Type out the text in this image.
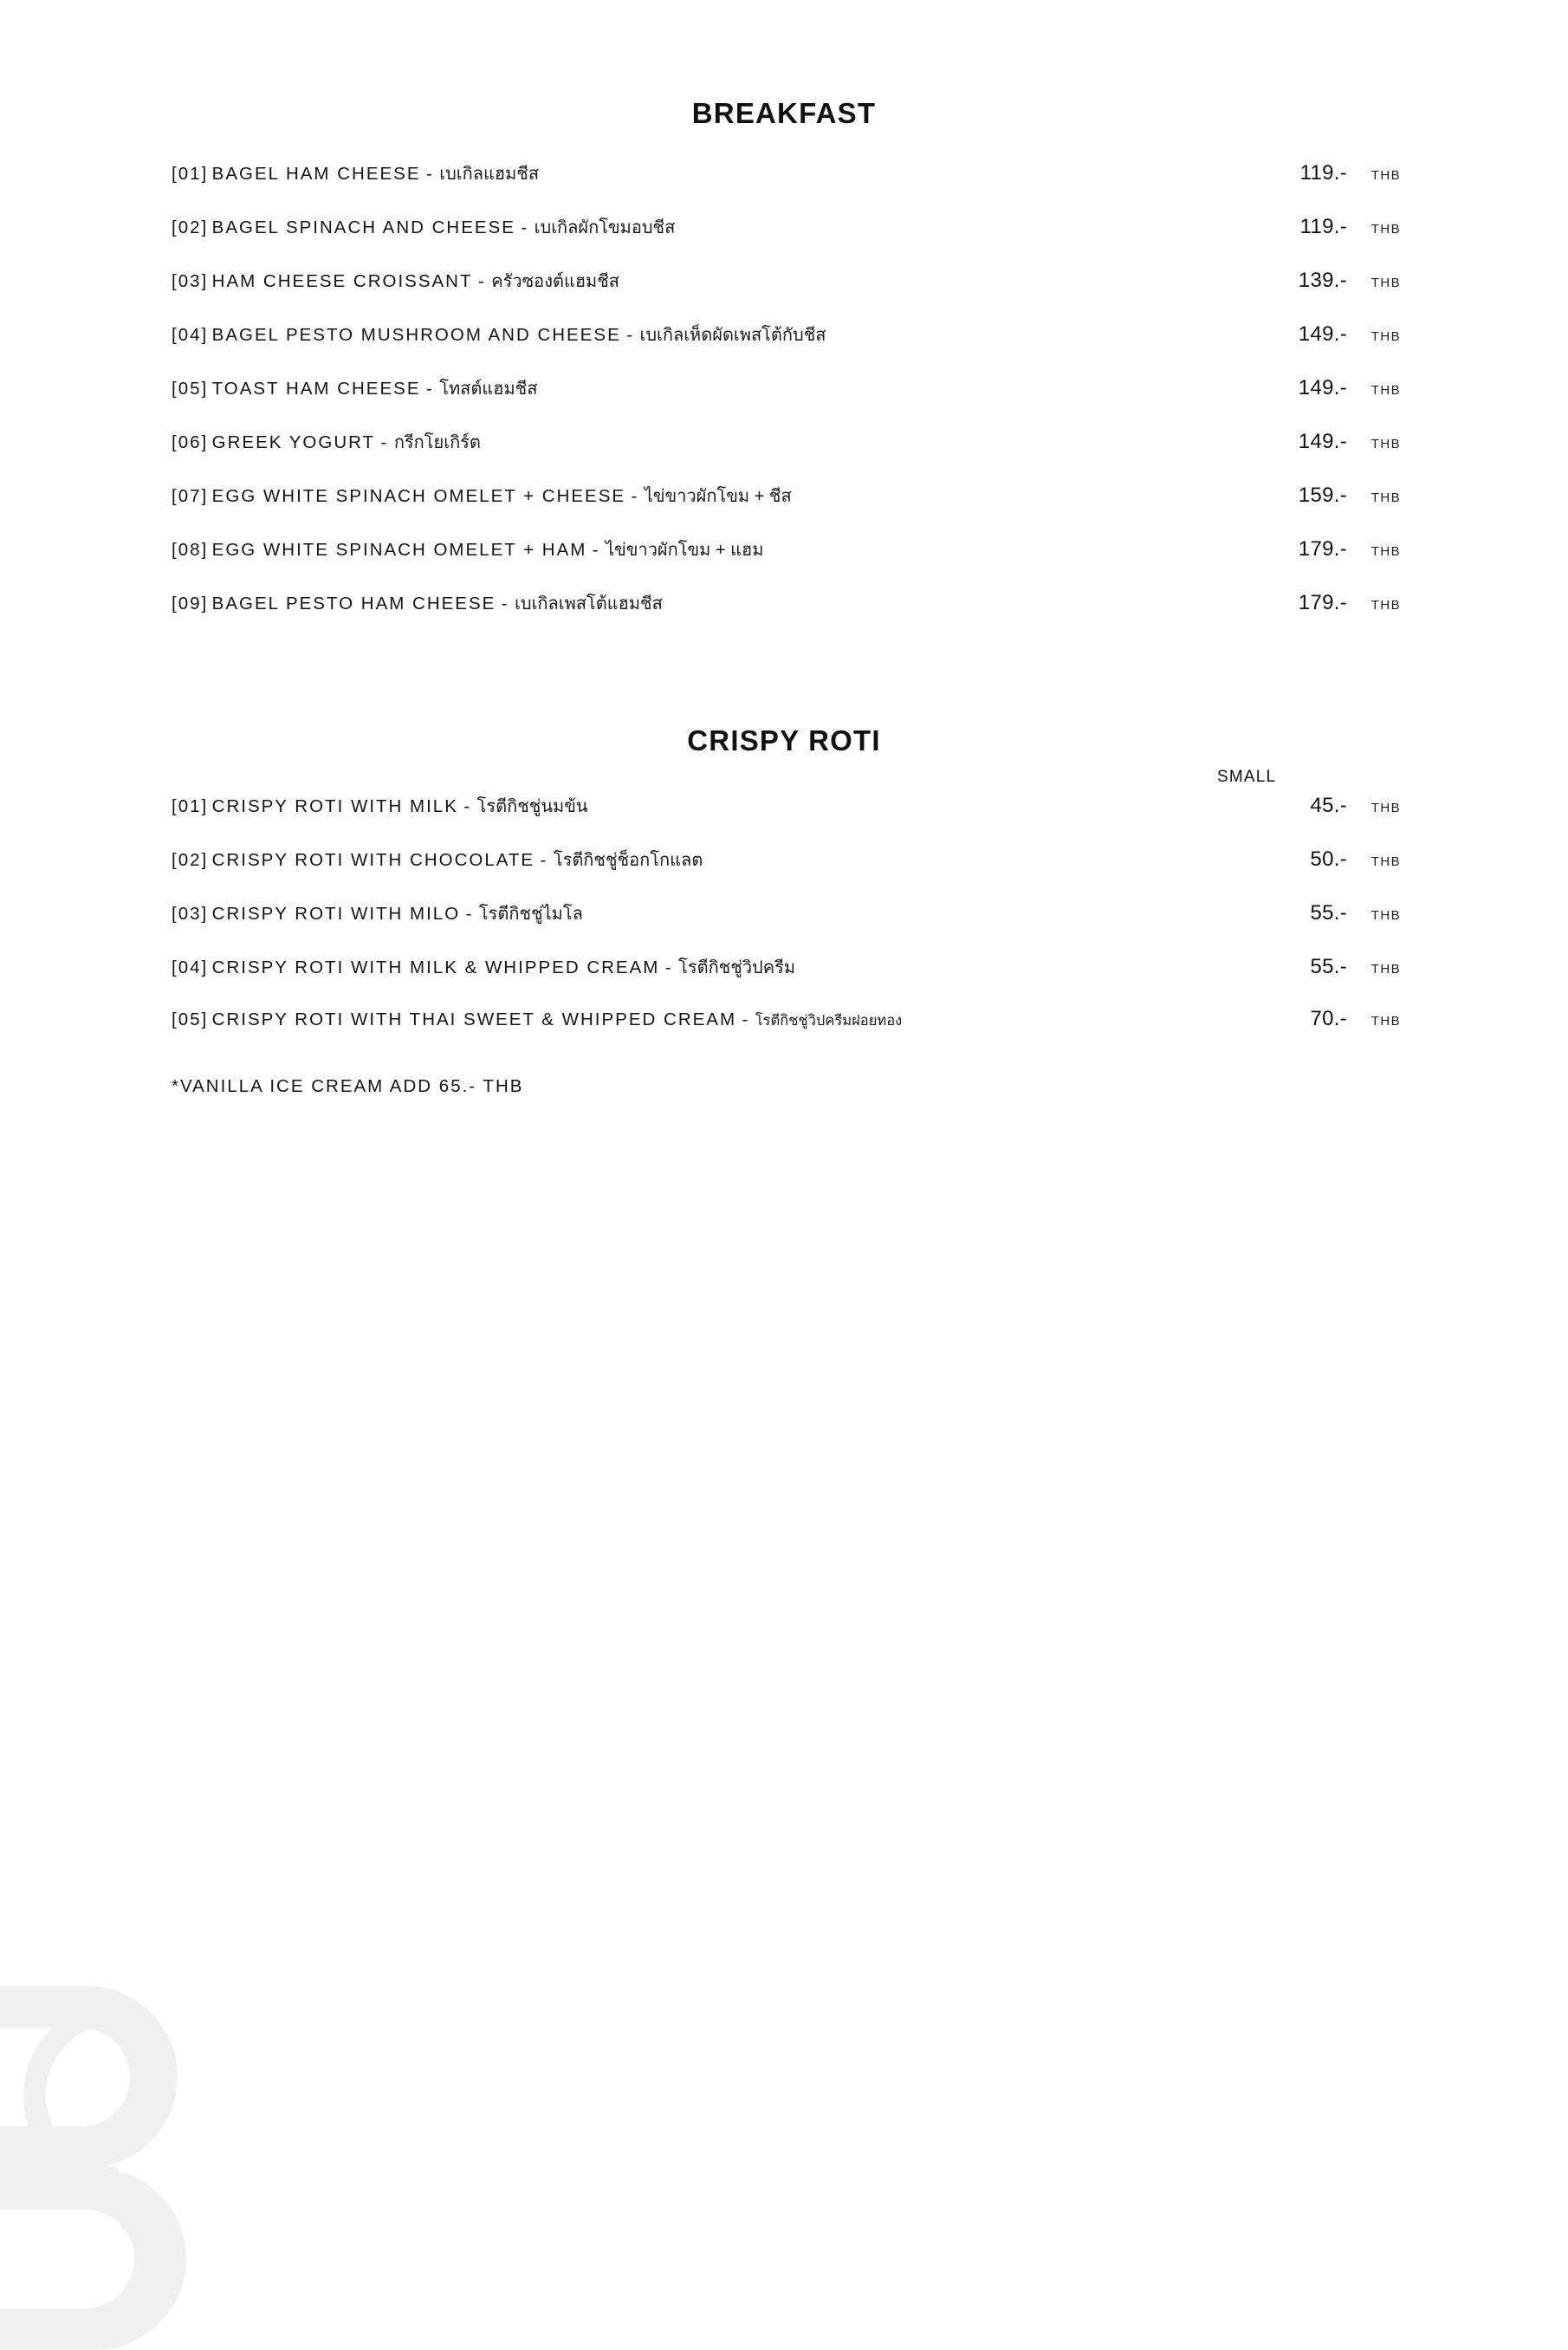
BREAKFAST
[01] BAGEL HAM CHEESE - เบเกิลแฮมชีส	119.-	THB
[02] BAGEL SPINACH AND CHEESE - เบเกิลผักโขมอบชีส	119.-	THB
[03] HAM CHEESE CROISSANT - ครัวซองต์แฮมชีส	139.-	THB
[04] BAGEL PESTO MUSHROOM AND CHEESE - เบเกิลเห็ดผัดเพสโต้กับชีส	149.-	THB
[05] TOAST HAM CHEESE - โทสต์แฮมชีส	149.-	THB
[06] GREEK YOGURT - กรีกโยเกิร์ต	149.-	THB
[07] EGG WHITE SPINACH OMELET + CHEESE - ไข่ขาวผักโขม + ชีส	159.-	THB
[08] EGG WHITE SPINACH OMELET + HAM - ไข่ขาวผักโขม + แฮม	179.-	THB
[09] BAGEL PESTO HAM CHEESE - เบเกิลเพสโต้แฮมชีส	179.-	THB
CRISPY ROTI
SMALL
[01] CRISPY ROTI WITH MILK - โรตีกิชชู่นมข้น	45.-	THB
[02] CRISPY ROTI WITH CHOCOLATE - โรตีกิชชู่ช็อกโกแลต	50.-	THB
[03] CRISPY ROTI WITH MILO - โรตีกิชชู่ไมโล	55.-	THB
[04] CRISPY ROTI WITH MILK & WHIPPED CREAM - โรตีกิชชู่วิปครีม	55.-	THB
[05] CRISPY ROTI WITH THAI SWEET & WHIPPED CREAM - โรตีกิชชู่วิปครีมฝอยทอง	70.-	THB
*VANILLA ICE CREAM ADD 65.- THB
